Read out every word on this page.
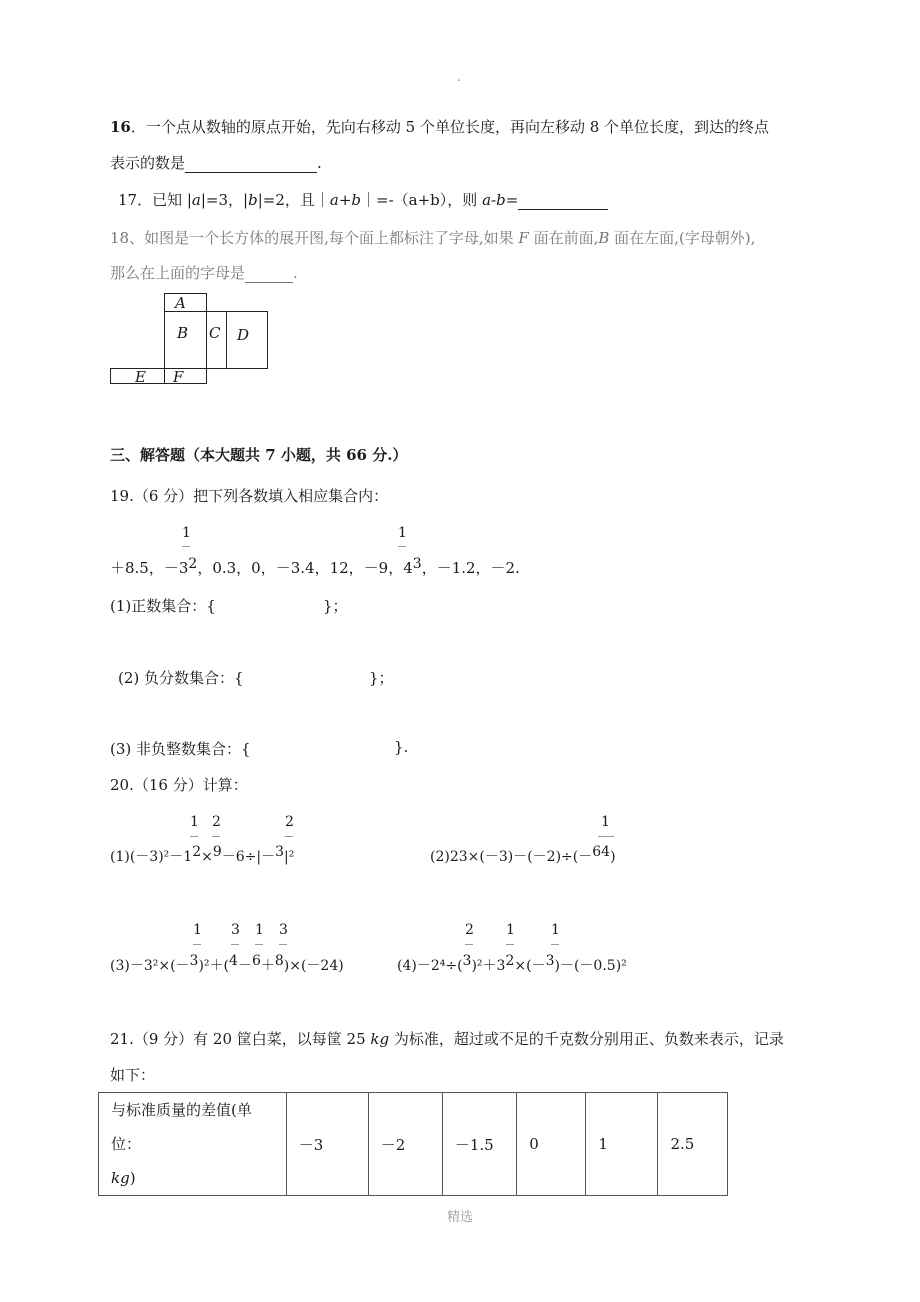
.
16．一个点从数轴的原点开始，先向右移动 5 个单位长度，再向左移动 8 个单位长度，到达的终点
表示的数是	.
17．已知 |a|=3，|b|=2，且｜a+b｜=-（a+b），则 a-b=
18、如图是一个长方体的展开图,每个面上都标注了字母,如果 F 面在前面,B 面在左面,(字母朝外),
那么在上面的字母是	.
A
B C D
E F
三、解答题（本大题共 7 小题，共 66 分.）
19.（6 分）把下列各数填入相应集合内：
1	1
＋8.5，－32，0.3，0，－3.4，12，－9，43，－1.2，－2.
(1)正数集合：{	}；
(2) 负分数集合：{	}；
(3) 非负整数集合：{	}.
20.（16 分）计算：
1 2	2
(1)(－3)²－12×9－6÷|－3|²
1
(2)23×(－3)－(－2)÷(－64)
1 3 1 3
(3)－3²×(－3)²＋(4－6＋8)×(－24)
2 1	1
(4)－2⁴÷(3)²＋32×(－3)－(－0.5)²
21.（9 分）有 20 筐白菜，以每筐 25 kg 为标准，超过或不足的千克数分别用正、负数来表示，记录
如下：
与标准质量的差值(单位：
kg)	－3	－2	－1.5	0	1	2.5
精选
